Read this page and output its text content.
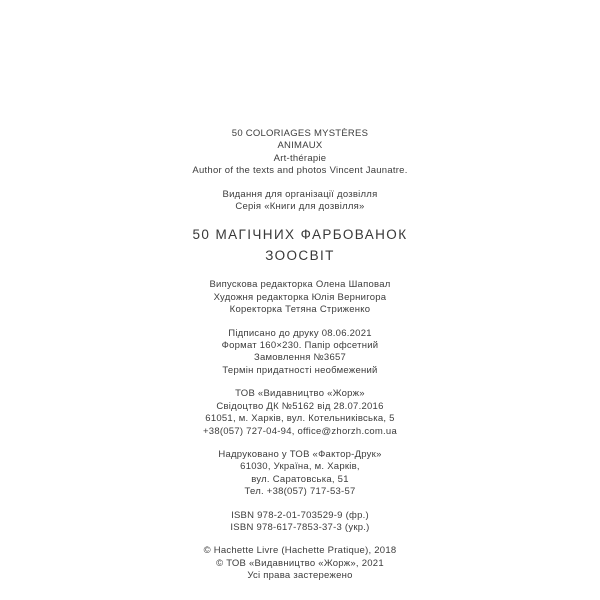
50 COLORIAGES MYSTÈRES

ANIMAUX

Art-thérapie

Author of the texts and photos Vincent Jaunatre.

Видання для організації дозвілля

Серія «Книги для дозвілля»

50 МАГІЧНИХ ФАРБОВАНОК

ЗООСВІТ

Випускова редакторка Олена Шаповал

Художня редакторка Юлія Вернигора

Коректорка Тетяна Стриженко

Підписано до друку 08.06.2021

Формат 160×230. Папір офсетний

Замовлення №3657

Термін придатності необмежений

ТОВ «Видавництво «Жорж»

Свідоцтво ДК №5162 від 28.07.2016

61051, м. Харків, вул. Котельниківська, 5

+38(057) 727-04-94, office@zhorzh.com.ua

Надруковано у ТОВ «Фактор-Друк»

61030, Україна, м. Харків,

вул. Саратовська, 51

Тел. +38(057) 717-53-57

ISBN 978-2-01-703529-9 (фр.)

ISBN 978-617-7853-37-3 (укр.)

© Hachette Livre (Hachette Pratique), 2018

© ТОВ «Видавництво «Жорж», 2021

Усі права застережено
